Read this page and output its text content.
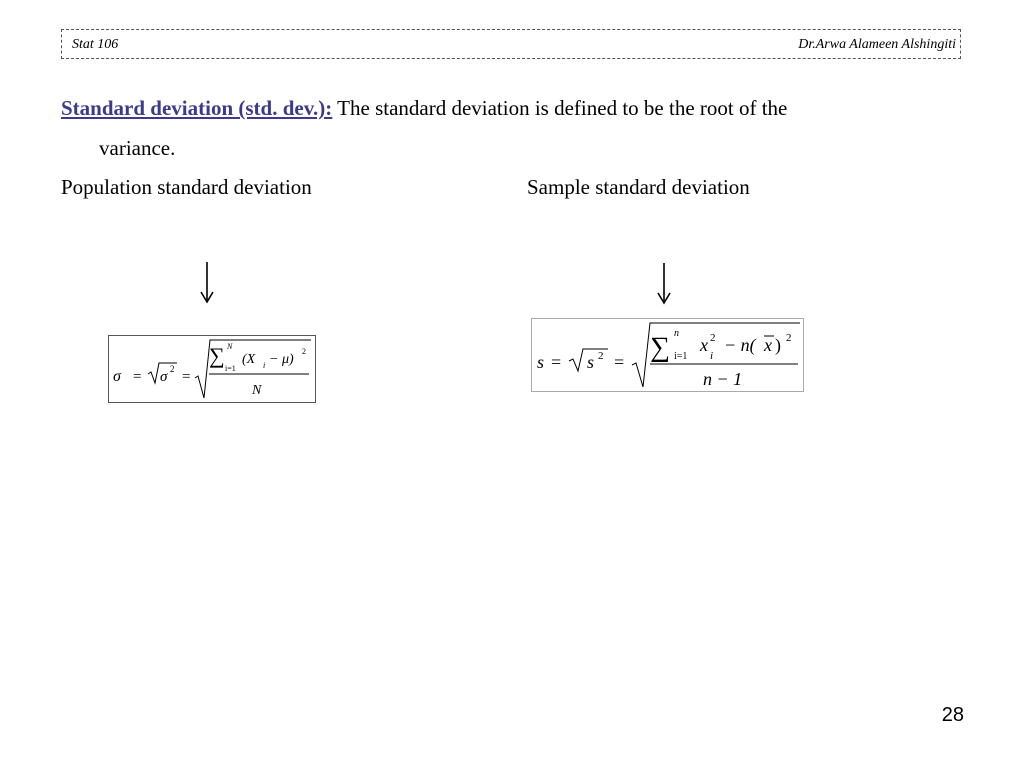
Stat 106	Dr.Arwa Alameen Alshingiti
Standard deviation (std. dev.): The standard deviation is defined to be the root of the
variance.
Population standard deviation	Sample standard deviation
σ = σ 2 =
∑ N
i=1
(X i − μ)
2
N
s = s 2 = ∑ n
i=1
x 2
i
− n( x ) 2
n − 1
28
